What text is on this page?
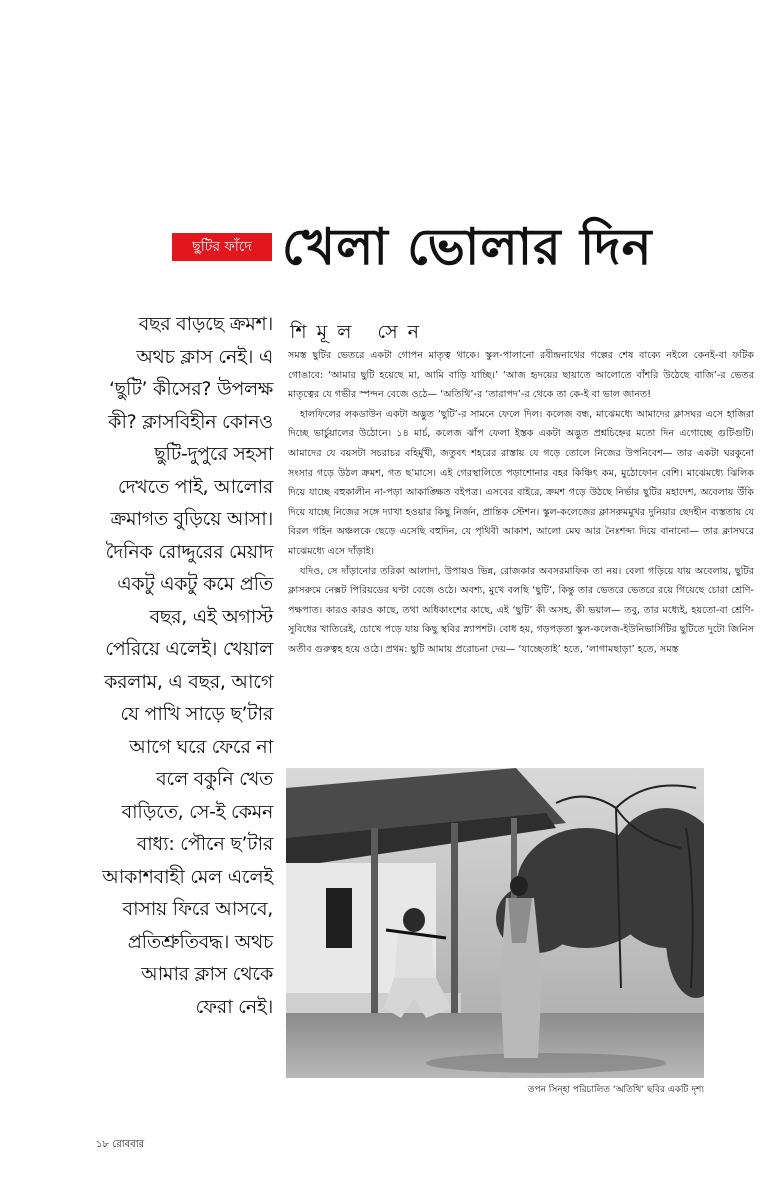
ছুটির ফাঁদে খেলা ভোলার দিন
শিমূল সেন
বছর বাড়ছে ক্রমশ।
অথচ ক্লাস নেই। এ
‘ছুটি’ কীসের? উপলক্ষ
কী? ক্লাসবিহীন কোনও
ছুটি-দুপুরে সহসা
দেখতে পাই, আলোর
ক্রমাগত বুড়িয়ে আসা।
দৈনিক রোদ্দুরের মেয়াদ
একটু একটু কমে প্রতি
বছর, এই অগাস্ট
পেরিয়ে এলেই। খেয়াল
করলাম, এ বছর, আগে
যে পাখি সাড়ে ছ’টার
আগে ঘরে ফেরে না
বলে বকুনি খেত
বাড়িতে, সে-ই কেমন
বাধ্য: পৌনে ছ’টার
আকাশবাহী মেল এলেই
বাসায় ফিরে আসবে,
প্রতিশ্রুতিবদ্ধ। অথচ
আমার ক্লাস থেকে
ফেরা নেই।

সমস্ত ছুটির ভেতরে একটা গোপন মাতৃত্ব থাকে। স্কুল-পালানো রবীন্দ্রনাথের গল্পের শেষ বাক্যে নইলে কেনই-বা ফটিক গোঙাবে: ‘আমার ছুটি হয়েছে মা, আমি বাড়ি যাচ্ছি।’ ‘আজ হৃদয়ের ছায়াতে আলোতে বাঁশরি উঠেছে বাজি’-র ভেতর মাতৃত্বের যে গভীর স্পন্দন বেজে ওঠে— ‘অতিথি’-র ‘তারাপদ’-র থেকে তা কে-ই বা ভাল জানত!

হালফিলের লকডাউন একটা অদ্ভুত ‘ছুটি’-র সামনে ফেলে দিল। কলেজ বন্ধ, মাঝেমধ্যে আমাদের ক্লাসঘর এসে হাজিরা দিচ্ছে ভার্চুয়ালের উঠোনে। ১৪ মার্চ, কলেজ ঝাঁপ ফেলা ইস্তক একটা অদ্ভুত প্রশ্নচিহ্নের মতো দিন এগোচ্ছে গুটিগুটি। আমাদের যে বয়সটা সচরাচর বহির্মুখী, জতুবৎ শহরের রাস্তায় যে গড়ে তোলে নিজের উপনিবেশ— তার একটা ঘরকুনো সংসার গড়ে উঠল ক্রমশ, গত ছ’মাসে। এই গেরস্থালিতে পড়াশোনার বহর কিঞ্চিৎ কম, মুঠোফোন বেশি। মাঝেমধ্যে ঝিলিক দিয়ে যাচ্ছে বহুকালীন না-পড়া আকাঙ্ক্ষিত বইপত্র। এসবের বাইরে, ক্রমশ গড়ে উঠছে নির্ভার ছুটির মহাদেশ, অবেলায় উঁকি দিয়ে যাচ্ছে নিজের সঙ্গে দ্যাখা হওয়ার কিছু নির্জন, প্রান্তিক স্টেশন। স্কুল-কলেজের ক্লাসরুমমুখর দুনিয়ার ছেদহীন ব্যস্ততায় যে বিরল গহিন অঞ্চলকে ছেড়ে এসেছি বহুদিন, যে পৃথিবী আকাশ, আলো মেঘ আর নৈঃশব্দ্য দিয়ে বানানো— তার ক্লাসঘরে মাঝেমধ্যে এসে দাঁড়াই।

যদিও, সে দাঁড়ানোর তরিকা আলাদা, উপায়ও ভিন্ন, রোজকার অবসরমাফিক তা নয়। বেলা গড়িয়ে যায় অবেলায়, ছুটির ক্লাসরুমে নেক্সট পিরিয়ডের ঘণ্টা বেজে ওঠে। অবশ্য, মুখে বলছি ‘ছুটি’, কিন্তু তার ভেতরে ভেতরে রয়ে গিয়েছে চোরা শ্রেণি-পক্ষপাত। কারও কারও কাছে, তথা অধিকাংশের কাছে, এই ‘ছুটি’ কী অসহ, কী ভয়াল— তবু, তার মধ্যেই, হয়তো-বা শ্রেণি-সুবিধের খাতিরেই, চোখে পড়ে যায় কিছু স্থবির স্ন্যাপশট। বোধ হয়, গড়পড়তা স্কুল-কলেজ-ইউনিভার্সিটির ছুটিতে দুটো জিনিস অতীব গুরুত্বহ হয়ে ওঠে। প্রথম: ছুটি আমায় প্ররোচনা দেয়— ‘যাচ্ছেতাই’ হতে, ‘লাগামছাড়া’ হতে, সমস্ত

তপন সিন্হা পরিচালিত ‘অতিথি’ ছবির একটি দৃশ্য
১৮ রোববার
